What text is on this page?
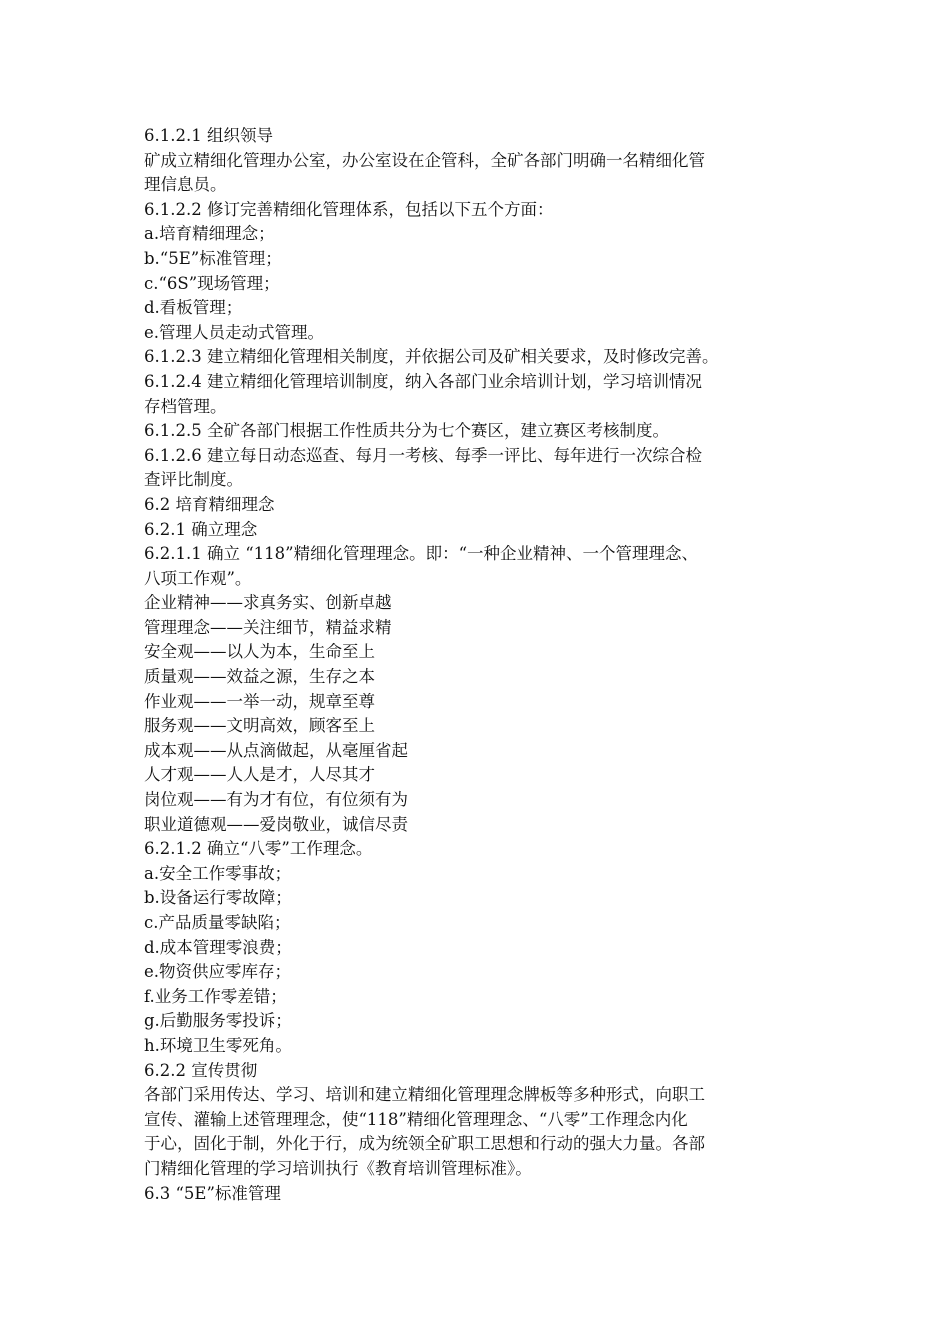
6.1.2.1 组织领导
矿成立精细化管理办公室，办公室设在企管科，全矿各部门明确一名精细化管
理信息员。
6.1.2.2 修订完善精细化管理体系，包括以下五个方面：
a.培育精细理念；
b.“5E”标准管理；
c.“6S”现场管理；
d.看板管理；
e.管理人员走动式管理。
6.1.2.3 建立精细化管理相关制度，并依据公司及矿相关要求，及时修改完善。
6.1.2.4 建立精细化管理培训制度，纳入各部门业余培训计划，学习培训情况
存档管理。
6.1.2.5 全矿各部门根据工作性质共分为七个赛区，建立赛区考核制度。
6.1.2.6 建立每日动态巡查、每月一考核、每季一评比、每年进行一次综合检
查评比制度。
6.2 培育精细理念
6.2.1 确立理念
6.2.1.1 确立 “118”精细化管理理念。即：“一种企业精神、一个管理理念、
八项工作观”。
企业精神——求真务实、创新卓越
管理理念——关注细节，精益求精
安全观——以人为本，生命至上
质量观——效益之源，生存之本
作业观——一举一动，规章至尊
服务观——文明高效，顾客至上
成本观——从点滴做起，从毫厘省起
人才观——人人是才，人尽其才
岗位观——有为才有位，有位须有为
职业道德观——爱岗敬业，诚信尽责
6.2.1.2 确立“八零”工作理念。
a.安全工作零事故；
b.设备运行零故障；
c.产品质量零缺陷；
d.成本管理零浪费；
e.物资供应零库存；
f.业务工作零差错；
g.后勤服务零投诉；
h.环境卫生零死角。
6.2.2 宣传贯彻
各部门采用传达、学习、培训和建立精细化管理理念牌板等多种形式，向职工
宣传、灌输上述管理理念，使“118”精细化管理理念、“八零”工作理念内化
于心，固化于制，外化于行，成为统领全矿职工思想和行动的强大力量。各部
门精细化管理的学习培训执行《教育培训管理标准》。
6.3 “5E”标准管理
